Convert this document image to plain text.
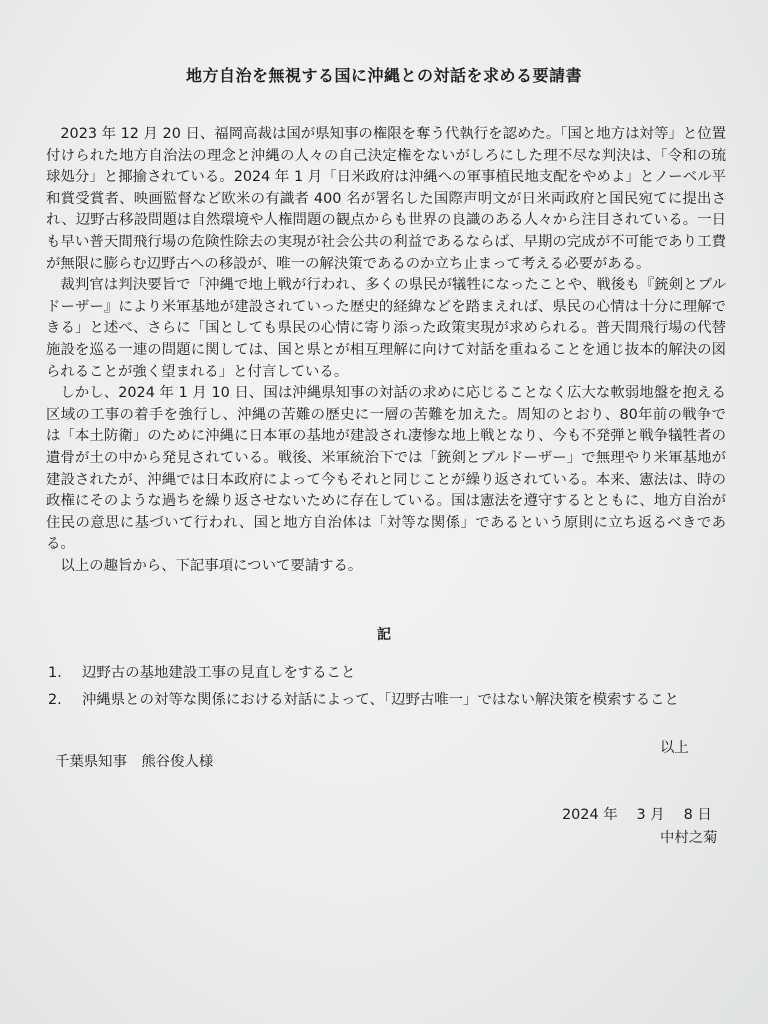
地方自治を無視する国に沖縄との対話を求める要請書

2023 年 12 月 20 日、福岡高裁は国が県知事の権限を奪う代執行を認めた。「国と地方は対等」と位置付けられた地方自治法の理念と沖縄の人々の自己決定権をないがしろにした理不尽な判決は、「令和の琉球処分」と揶揄されている。2024 年 1 月「日米政府は沖縄への軍事植民地支配をやめよ」とノーベル平和賞受賞者、映画監督など欧米の有識者 400 名が署名した国際声明文が日米両政府と国民宛てに提出され、辺野古移設問題は自然環境や人権問題の観点からも世界の良識のある人々から注目されている。一日も早い普天間飛行場の危険性除去の実現が社会公共の利益であるならば、早期の完成が不可能であり工費が無限に膨らむ辺野古への移設が、唯一の解決策であるのか立ち止まって考える必要がある。

裁判官は判決要旨で「沖縄で地上戦が行われ、多くの県民が犠牲になったことや、戦後も『銃剣とブルドーザー』により米軍基地が建設されていった歴史的経緯などを踏まえれば、県民の心情は十分に理解できる」と述べ、さらに「国としても県民の心情に寄り添った政策実現が求められる。普天間飛行場の代替施設を巡る一連の問題に関しては、国と県とが相互理解に向けて対話を重ねることを通じ抜本的解決の図られることが強く望まれる」と付言している。

しかし、2024 年 1 月 10 日、国は沖縄県知事の対話の求めに応じることなく広大な軟弱地盤を抱える区域の工事の着手を強行し、沖縄の苦難の歴史に一層の苦難を加えた。周知のとおり、80年前の戦争では「本土防衛」のために沖縄に日本軍の基地が建設され凄惨な地上戦となり、今も不発弾と戦争犠牲者の遺骨が土の中から発見されている。戦後、米軍統治下では「銃剣とブルドーザー」で無理やり米軍基地が建設されたが、沖縄では日本政府によって今もそれと同じことが繰り返されている。本来、憲法は、時の政権にそのような過ちを繰り返させないために存在している。国は憲法を遵守するとともに、地方自治が住民の意思に基づいて行われ、国と地方自治体は「対等な関係」であるという原則に立ち返るべきである。

以上の趣旨から、下記事項について要請する。

記
1.	辺野古の基地建設工事の見直しをすること
2.	沖縄県との対等な関係における対話によって、「辺野古唯一」ではない解決策を模索すること
以上
千葉県知事　熊谷俊人様
2024 年　 3 月　 8 日
中村之菊
